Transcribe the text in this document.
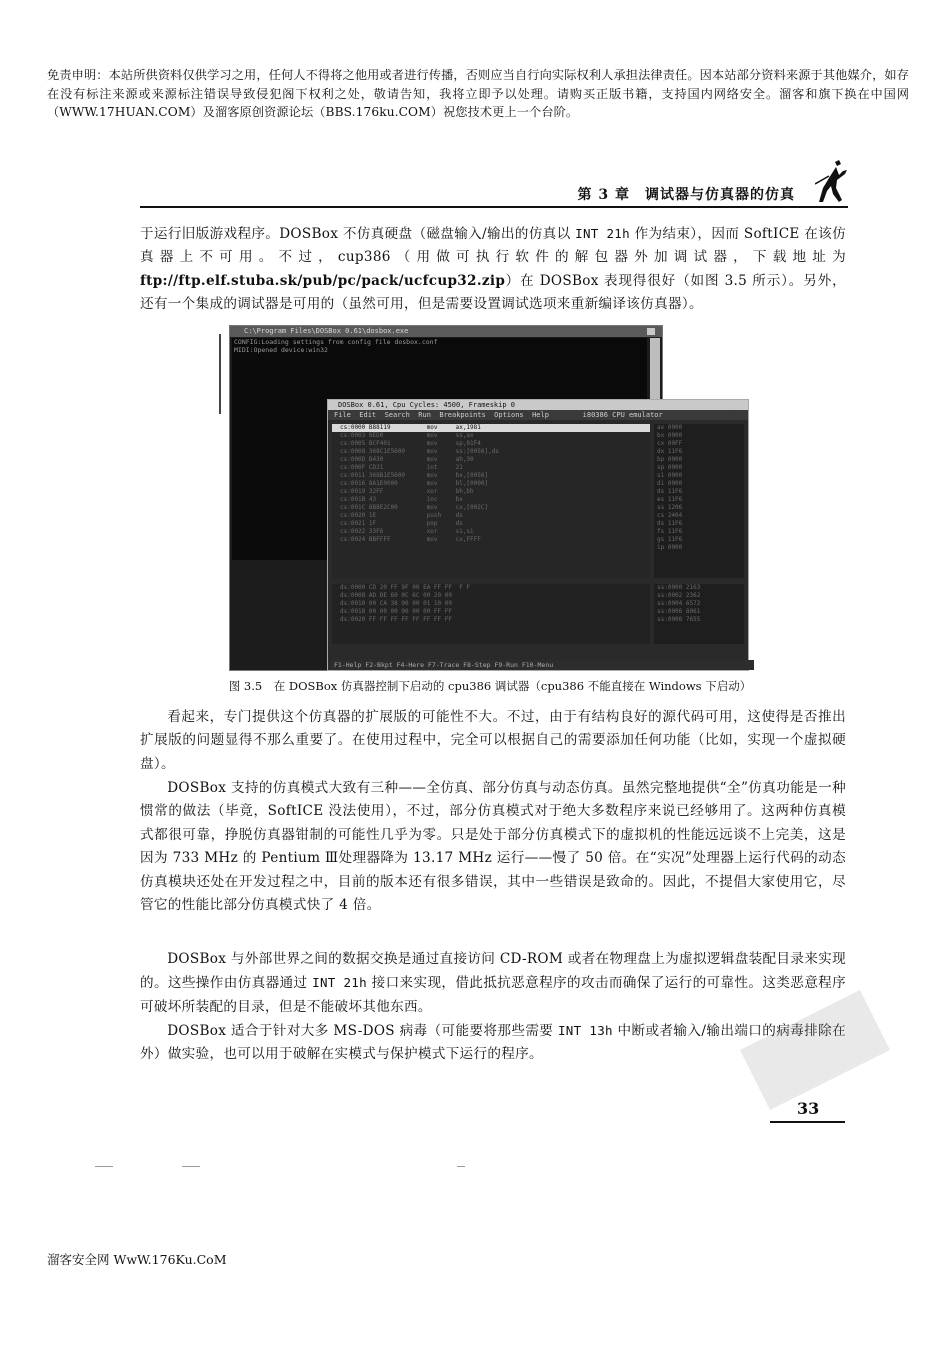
免责申明：本站所供资料仅供学习之用，任何人不得将之他用或者进行传播，否则应当自行向实际权利人承担法律责任。因本站部分资料来源于其他媒介，如存在没有标注来源或来源标注错误导致侵犯阁下权利之处，敬请告知，我将立即予以处理。请购买正版书籍，支持国内网络安全。溜客和旗下换在中国网（WWW.17HUAN.COM）及溜客原创资源论坛（BBS.176ku.COM）祝您技术更上一个台阶。
第 3 章　调试器与仿真器的仿真

于运行旧版游戏程序。DOSBox 不仿真硬盘（磁盘输入/输出的仿真以 INT 21h 作为结束），因而 SoftICE 在该仿真器上不可用。不过，cup386（用做可执行软件的解包器外加调试器，下载地址为 ftp://ftp.elf.stuba.sk/pub/pc/pack/ucfcup32.zip）在 DOSBox 表现得很好（如图 3.5 所示）。另外，还有一个集成的调试器是可用的（虽然可用，但是需要设置调试选项来重新编译该仿真器）。

C:\Program Files\DOSBox 0.61\dosbox.exe
CONFIG:Loading settings from config file dosbox.conf
MIDI:Opened device:win32
DOSBox 0.61, Cpu Cycles: 4500, Frameskip 0
File  Edit  Search  Run  Breakpoints  Options  Help        i80386 CPU emulator
cs:0000 B88119          mov     ax,1981
cs:0003 8ED0            mov     ss,ax
cs:0005 BCF401          mov     sp,01F4
cs:0008 368C1E5600      mov     ss:[0056],ds
cs:000D B430            mov     ah,30
cs:000F CD21            int     21
cs:0011 368B1E5600      mov     bx,[0056]
cs:0016 8A1E0000        mov     bl,[0000]
cs:0019 32FF            xor     bh,bh
cs:001B 43              inc     bx
cs:001C 8B8E2C00        mov     cx,[002C]
cs:0020 1E              push    ds
cs:0021 1F              pop     ds
cs:0022 33F6            xor     si,si
cs:0024 BBFFFF          mov     cx,FFFF
ax 0000
bx 0000
cx 00FF
dx 11F6
bp 0000
sp 0000
si 0000
di 0000
ds 11F6
es 11F6
ss 1206
cs 2404
ds 11F6
fs 11F6
gs 11F6
ip 0000
ds:0000 CD 20 FF 9F 00 EA FF FF  F F
ds:0008 AD DE 60 0C 6C 00 20 00
ds:0010 00 CA 38 00 00 01 10 00
ds:0018 00 00 00 00 00 00 FF FF
ds:0020 FF FF FF FF FF FF FF FF
ss:0000 2163
ss:0002 2362
ss:0004 6572
ss:0006 8061
ss:0008 7655
F1-Help F2-Bkpt F4-Here F7-Trace F8-Step F9-Run F10-Menu
图 3.5　在 DOSBox 仿真器控制下启动的 cpu386 调试器（cpu386 不能直接在 Windows 下启动）

看起来，专门提供这个仿真器的扩展版的可能性不大。不过，由于有结构良好的源代码可用，这使得是否推出扩展版的问题显得不那么重要了。在使用过程中，完全可以根据自己的需要添加任何功能（比如，实现一个虚拟硬盘）。

DOSBox 支持的仿真模式大致有三种——全仿真、部分仿真与动态仿真。虽然完整地提供“全”仿真功能是一种惯常的做法（毕竟，SoftICE 没法使用），不过，部分仿真模式对于绝大多数程序来说已经够用了。这两种仿真模式都很可靠，挣脱仿真器钳制的可能性几乎为零。只是处于部分仿真模式下的虚拟机的性能远远谈不上完美，这是因为 733 MHz 的 Pentium Ⅲ处理器降为 13.17 MHz 运行——慢了 50 倍。在“实况”处理器上运行代码的动态仿真模块还处在开发过程之中，目前的版本还有很多错误，其中一些错误是致命的。因此，不提倡大家使用它，尽管它的性能比部分仿真模式快了 4 倍。

DOSBox 与外部世界之间的数据交换是通过直接访问 CD-ROM 或者在物理盘上为虚拟逻辑盘装配目录来实现的。这些操作由仿真器通过 INT 21h 接口来实现，借此抵抗恶意程序的攻击而确保了运行的可靠性。这类恶意程序可破坏所装配的目录，但是不能破坏其他东西。

DOSBox 适合于针对大多 MS-DOS 病毒（可能要将那些需要 INT 13h 中断或者输入/输出端口的病毒排除在外）做实验，也可以用于破解在实模式与保护模式下运行的程序。

33
溜客安全网 WwW.176Ku.CoM
